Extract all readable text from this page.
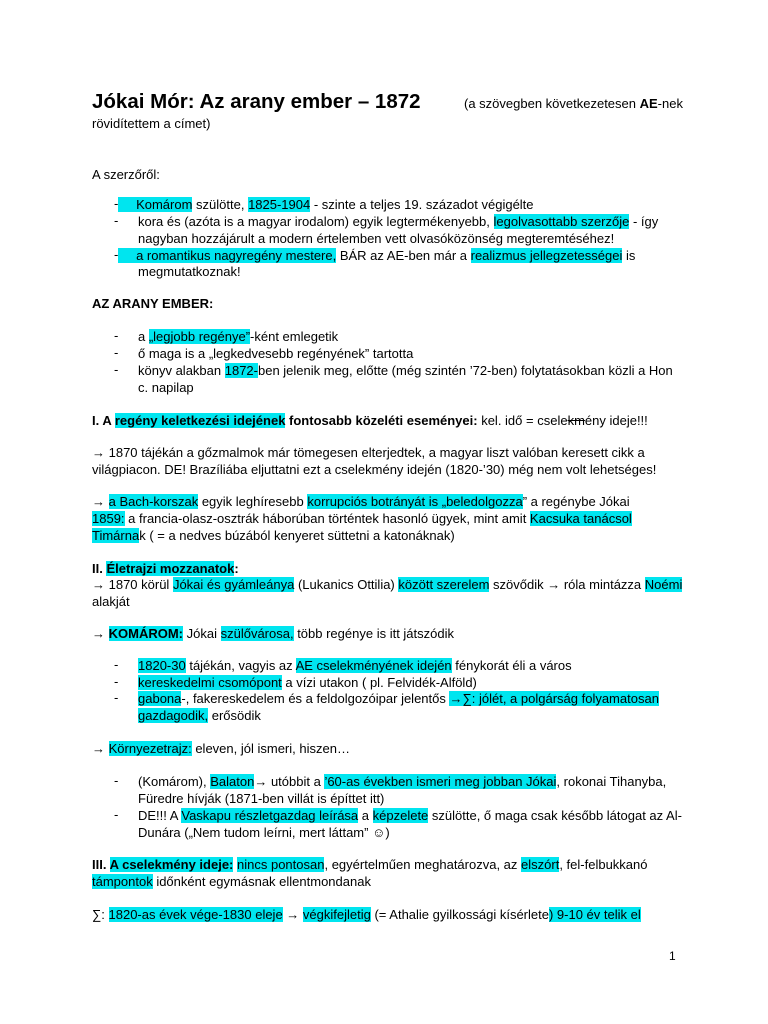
Jókai Mór: Az arany ember – 1872	(a szövegben következetesen AE-nek
rövidítettem a címet)
A szerzőről:
-	Komárom szülötte, 1825-1904 - szinte a teljes 19. századot végigélte
- kora és (azóta is a magyar irodalom) egyik legtermékenyebb, legolvasottabb szerzője - így
nagyban hozzájárult a modern értelemben vett olvasóközönség megteremtéséhez!
-	a romantikus nagyregény mestere, BÁR az AE-ben már a realizmus jellegzetességei is
megmutatkoznak!
AZ ARANY EMBER:
- a „legjobb regénye”-ként emlegetik
- ő maga is a „legkedvesebb regényének” tartotta
- könyv alakban 1872-ben jelenik meg, előtte (még szintén ’72-ben) folytatásokban közli a Hon
c. napilap
I. A regény keletkezési idejének fontosabb közeléti eseményei: kel. idő = cselekmény ideje!!!
→ 1870 tájékán a gőzmalmok már tömegesen elterjedtek, a magyar liszt valóban keresett cikk a
világpiacon. DE! Brazíliába eljuttatni ezt a cselekmény idején (1820-’30) még nem volt lehetséges!
→ a Bach-korszak egyik leghíresebb korrupciós botrányát is „beledolgozza” a regénybe Jókai
1859: a francia-olasz-osztrák háborúban történtek hasonló ügyek, mint amit Kacsuka tanácsol
Timárnak ( = a nedves búzából kenyeret süttetni a katonáknak)
II. Életrajzi mozzanatok:
→ 1870 körül Jókai és gyámleánya (Lukanics Ottilia) között szerelem szövődik → róla mintázza Noémi
alakját
→ KOMÁROM: Jókai szülővárosa, több regénye is itt játszódik
- 1820-30 tájékán, vagyis az AE cselekményének idején fénykorát éli a város
- kereskedelmi csomópont a vízi utakon ( pl. Felvidék-Alföld)
- gabona-, fakereskedelem és a feldolgozóipar jelentős →∑: jólét, a polgárság folyamatosan
gazdagodik, erősödik
→ Környezetrajz: eleven, jól ismeri, hiszen…
- (Komárom), Balaton→ utóbbit a ’60-as években ismeri meg jobban Jókai, rokonai Tihanyba,
Füredre hívják (1871-ben villát is építtet itt)
- DE!!! A Vaskapu részletgazdag leírása a képzelete szülötte, ő maga csak később látogat az Al-
Dunára („Nem tudom leírni, mert láttam” ☺)
III. A cselekmény ideje: nincs pontosan, egyértelműen meghatározva, az elszórt, fel-felbukkanó
támpontok időnként egymásnak ellentmondanak
∑: 1820-as évek vége-1830 eleje → végkifejletig (= Athalie gyilkossági kísérlete) 9-10 év telik el
1
